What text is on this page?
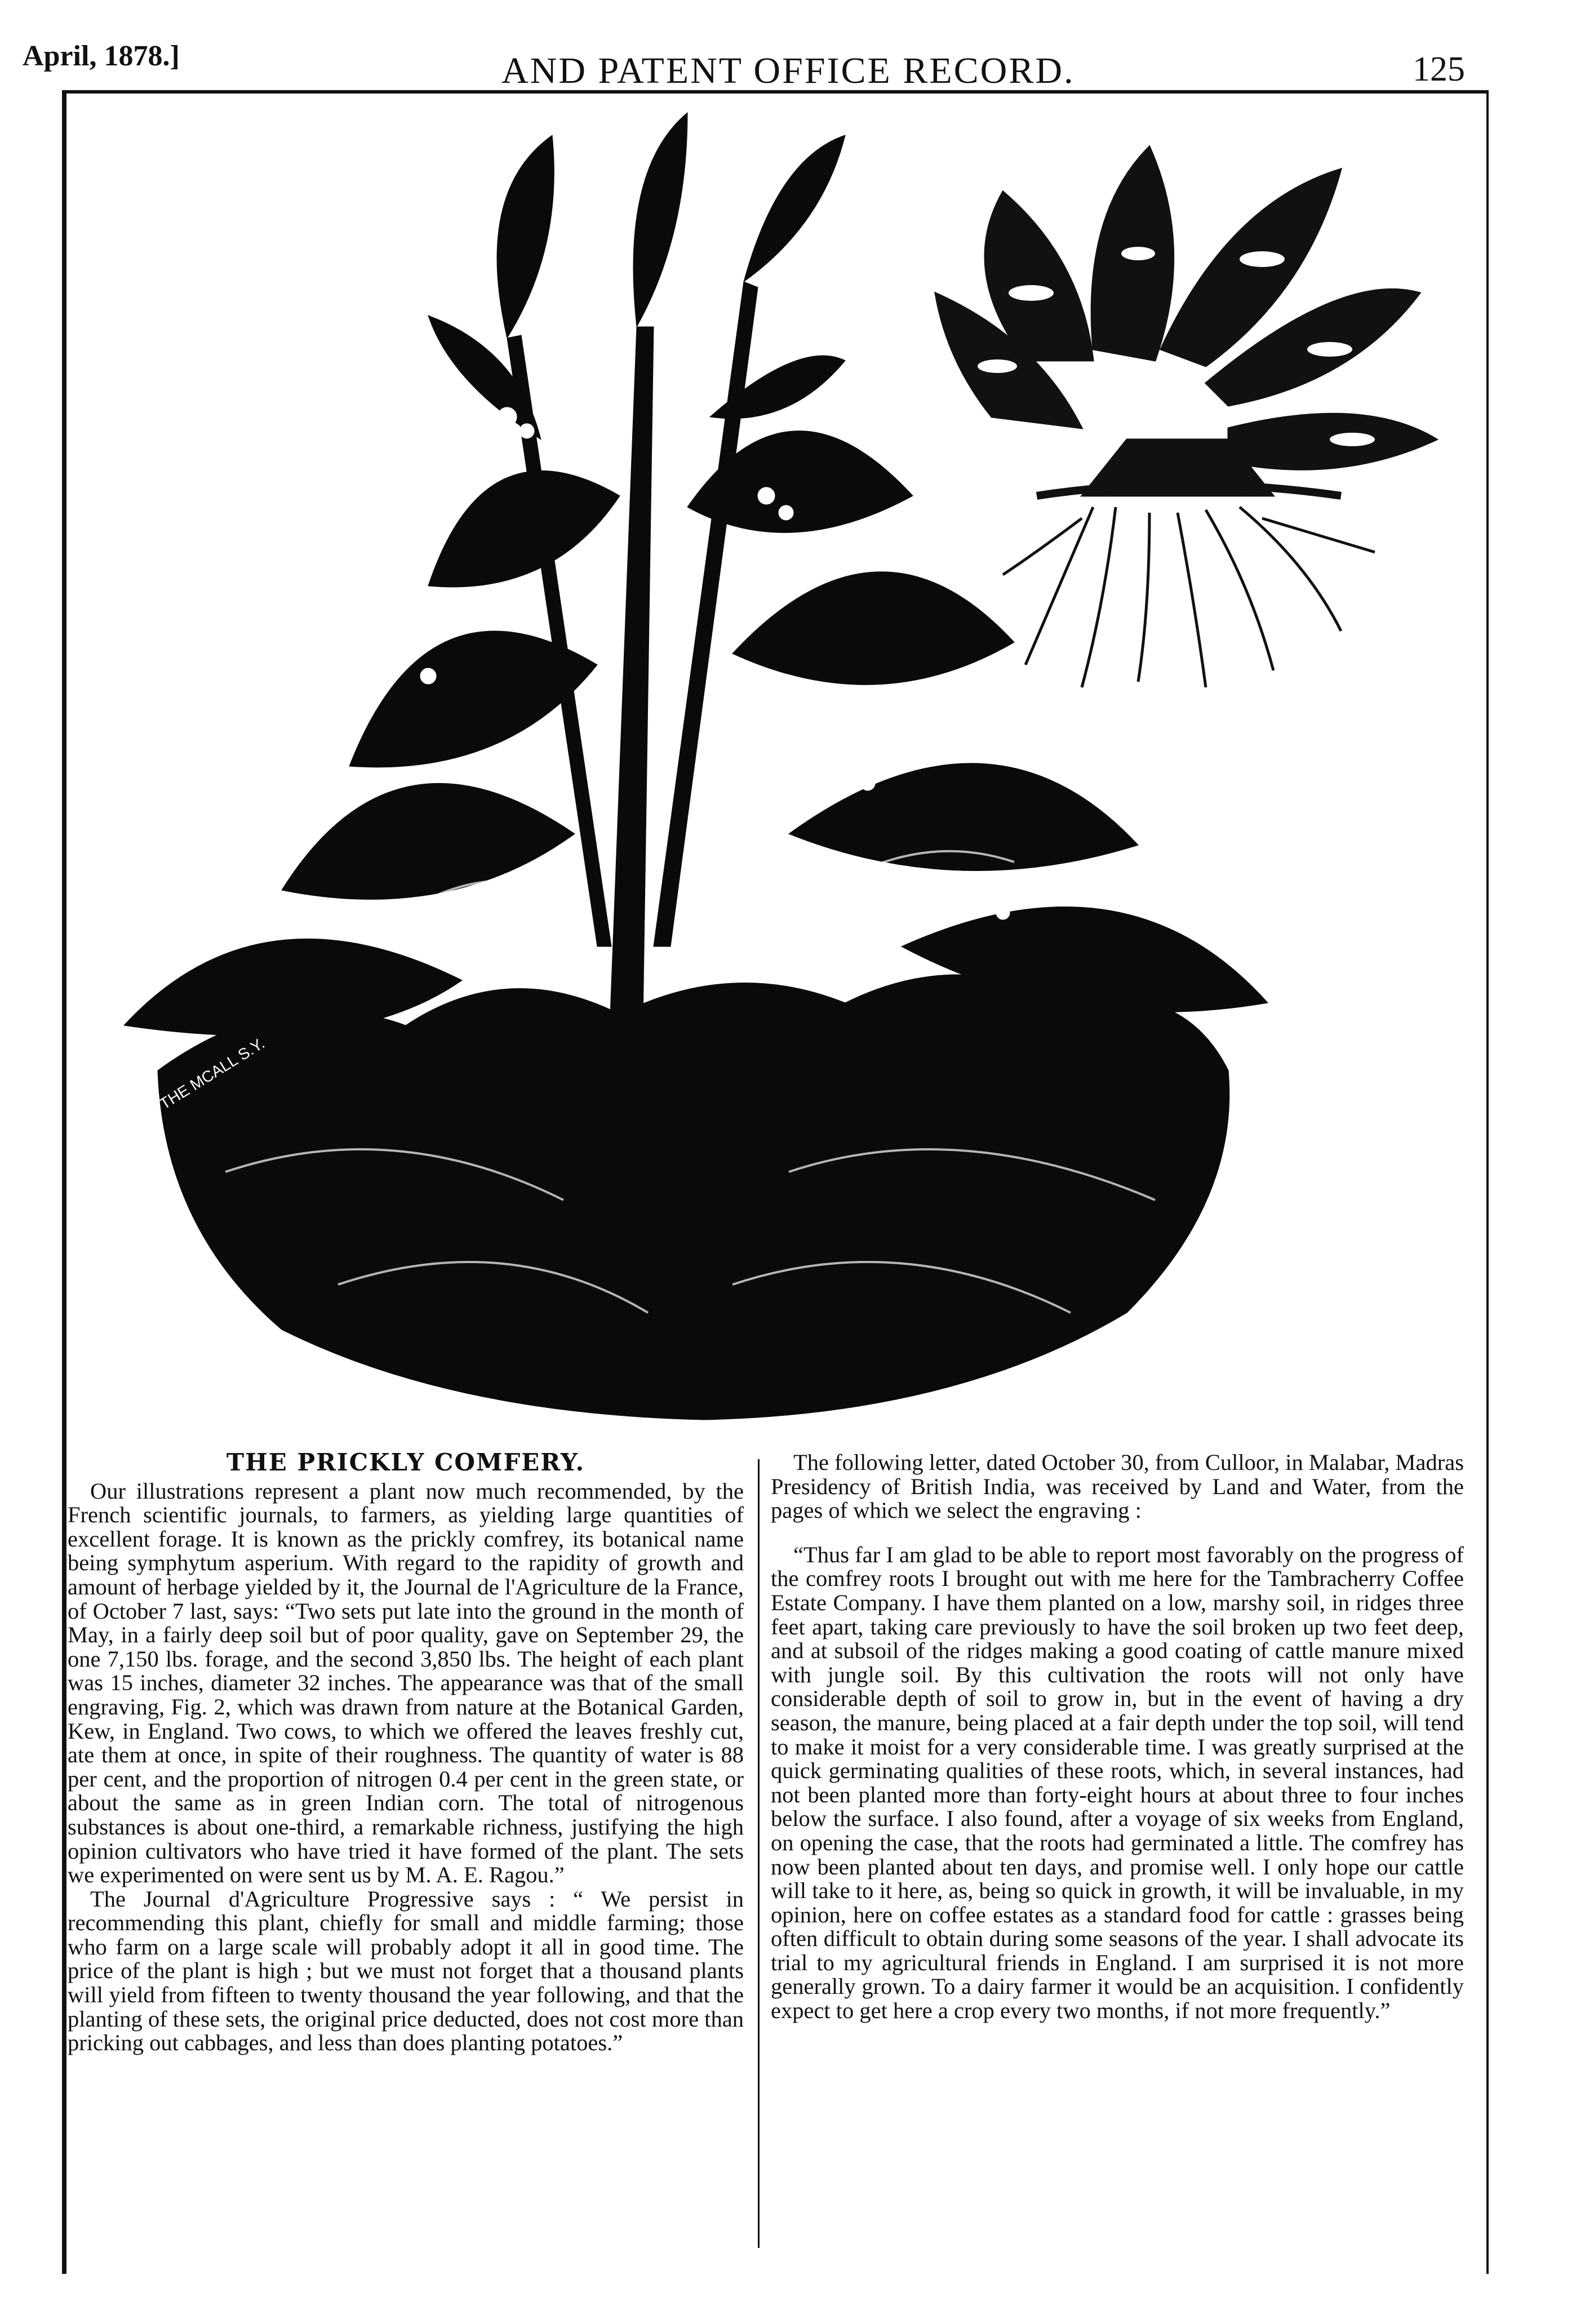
April, 1878.]	AND PATENT OFFICE RECORD.	125
THE MCALL S.Y.
THE PRICKLY COMFERY.

Our illustrations represent a plant now much recommended, by the French scientific journals, to farmers, as yielding large quantities of excellent forage. It is known as the prickly comfrey, its botanical name being symphytum asperium. With regard to the rapidity of growth and amount of herbage yielded by it, the Journal de l'Agriculture de la France, of October 7 last, says: “Two sets put late into the ground in the month of May, in a fairly deep soil but of poor quality, gave on September 29, the one 7,150 lbs. forage, and the second 3,850 lbs. The height of each plant was 15 inches, diameter 32 inches. The appearance was that of the small engraving, Fig. 2, which was drawn from nature at the Botanical Garden, Kew, in England. Two cows, to which we offered the leaves freshly cut, ate them at once, in spite of their roughness. The quantity of water is 88 per cent, and the proportion of nitrogen 0.4 per cent in the green state, or about the same as in green Indian corn. The total of nitrogenous substances is about one-third, a remarkable richness, justifying the high opinion cultivators who have tried it have formed of the plant. The sets we experimented on were sent us by M. A. E. Ragou.”

The Journal d'Agriculture Progressive says : “ We persist in recommending this plant, chiefly for small and middle farming; those who farm on a large scale will probably adopt it all in good time. The price of the plant is high ; but we must not forget that a thousand plants will yield from fifteen to twenty thousand the year following, and that the planting of these sets, the original price deducted, does not cost more than pricking out cabbages, and less than does planting potatoes.”

The following letter, dated October 30, from Culloor, in Malabar, Madras Presidency of British India, was received by Land and Water, from the pages of which we select the engraving :

“Thus far I am glad to be able to report most favorably on the progress of the comfrey roots I brought out with me here for the Tambracherry Coffee Estate Company. I have them planted on a low, marshy soil, in ridges three feet apart, taking care previously to have the soil broken up two feet deep, and at subsoil of the ridges making a good coating of cattle manure mixed with jungle soil. By this cultivation the roots will not only have considerable depth of soil to grow in, but in the event of having a dry season, the manure, being placed at a fair depth under the top soil, will tend to make it moist for a very considerable time. I was greatly surprised at the quick germinating qualities of these roots, which, in several instances, had not been planted more than forty-eight hours at about three to four inches below the surface. I also found, after a voyage of six weeks from England, on opening the case, that the roots had germinated a little. The comfrey has now been planted about ten days, and promise well. I only hope our cattle will take to it here, as, being so quick in growth, it will be invaluable, in my opinion, here on coffee estates as a standard food for cattle : grasses being often difficult to obtain during some seasons of the year. I shall advocate its trial to my agricultural friends in England. I am surprised it is not more generally grown. To a dairy farmer it would be an acquisition. I confidently expect to get here a crop every two months, if not more frequently.”
